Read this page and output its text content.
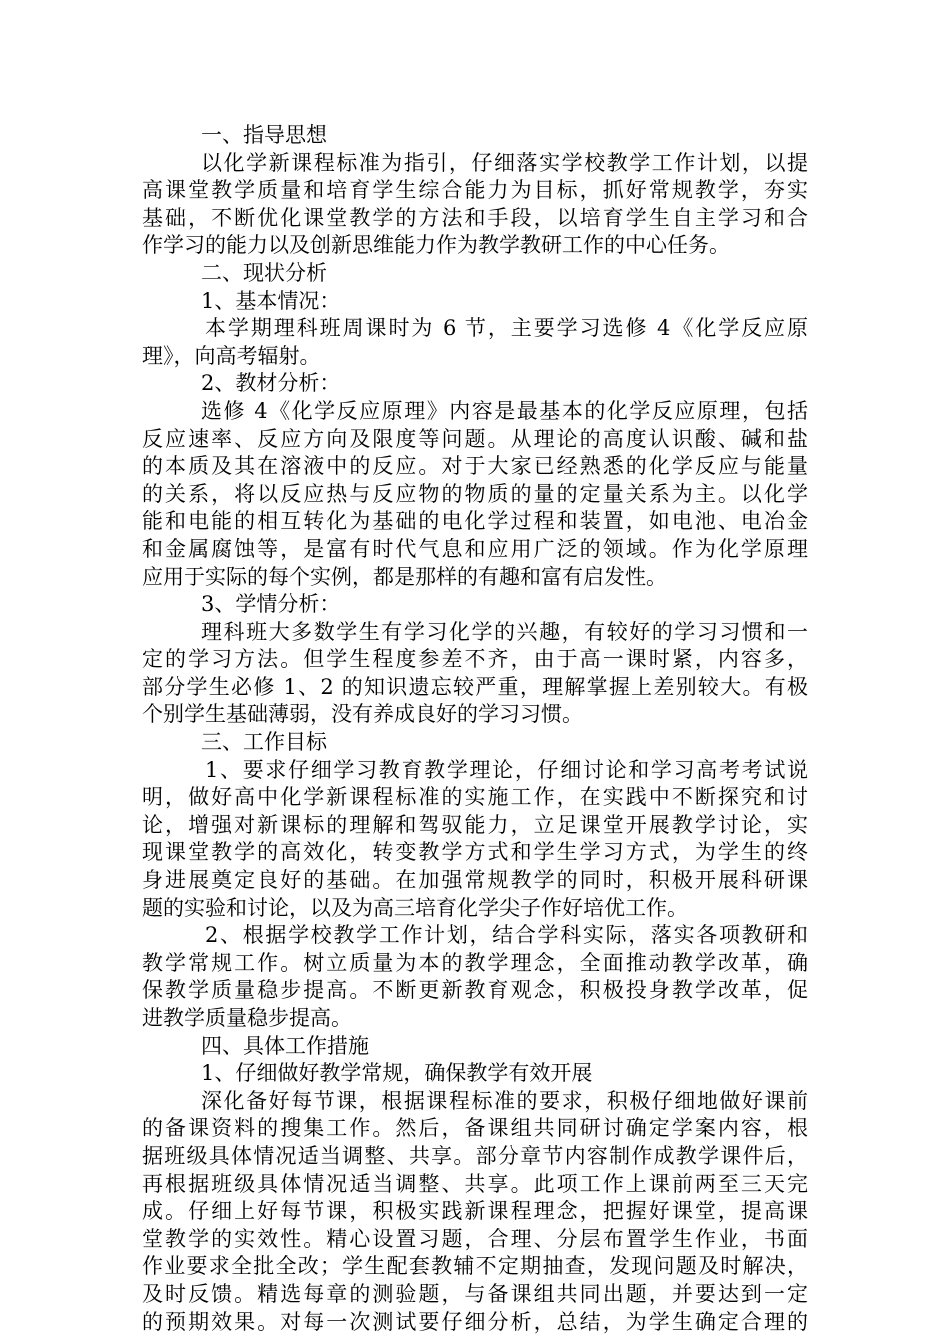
一、指导思想
以化学新课程标准为指引，仔细落实学校教学工作计划，以提
高课堂教学质量和培育学生综合能力为目标，抓好常规教学，夯实
基础，不断优化课堂教学的方法和手段，以培育学生自主学习和合
作学习的能力以及创新思维能力作为教学教研工作的中心任务。
二、现状分析
1、基本情况：
本学期理科班周课时为 6 节，主要学习选修 4《化学反应原
理》，向高考辐射。
2、教材分析：
选修 4《化学反应原理》内容是最基本的化学反应原理，包括
反应速率、反应方向及限度等问题。从理论的高度认识酸、碱和盐
的本质及其在溶液中的反应。对于大家已经熟悉的化学反应与能量
的关系，将以反应热与反应物的物质的量的定量关系为主。以化学
能和电能的相互转化为基础的电化学过程和装置，如电池、电冶金
和金属腐蚀等，是富有时代气息和应用广泛的领域。作为化学原理
应用于实际的每个实例，都是那样的有趣和富有启发性。
3、学情分析：
理科班大多数学生有学习化学的兴趣，有较好的学习习惯和一
定的学习方法。但学生程度参差不齐，由于高一课时紧，内容多，
部分学生必修 1、2 的知识遗忘较严重，理解掌握上差别较大。有极
个别学生基础薄弱，没有养成良好的学习习惯。
三、工作目标
1、要求仔细学习教育教学理论，仔细讨论和学习高考考试说
明，做好高中化学新课程标准的实施工作，在实践中不断探究和讨
论，增强对新课标的理解和驾驭能力，立足课堂开展教学讨论，实
现课堂教学的高效化，转变教学方式和学生学习方式，为学生的终
身进展奠定良好的基础。在加强常规教学的同时，积极开展科研课
题的实验和讨论，以及为高三培育化学尖子作好培优工作。
2、根据学校教学工作计划，结合学科实际，落实各项教研和
教学常规工作。树立质量为本的教学理念，全面推动教学改革，确
保教学质量稳步提高。不断更新教育观念，积极投身教学改革，促
进教学质量稳步提高。
四、具体工作措施
1、仔细做好教学常规，确保教学有效开展
深化备好每节课，根据课程标准的要求，积极仔细地做好课前
的备课资料的搜集工作。然后，备课组共同研讨确定学案内容，根
据班级具体情况适当调整、共享。部分章节内容制作成教学课件后，
再根据班级具体情况适当调整、共享。此项工作上课前两至三天完
成。仔细上好每节课，积极实践新课程理念，把握好课堂，提高课
堂教学的实效性。精心设置习题，合理、分层布置学生作业，书面
作业要求全批全改；学生配套教辅不定期抽查，发现问题及时解决，
及时反馈。精选每章的测验题，与备课组共同出题，并要达到一定
的预期效果。对每一次测试要仔细分析，总结，为学生确定合理的
